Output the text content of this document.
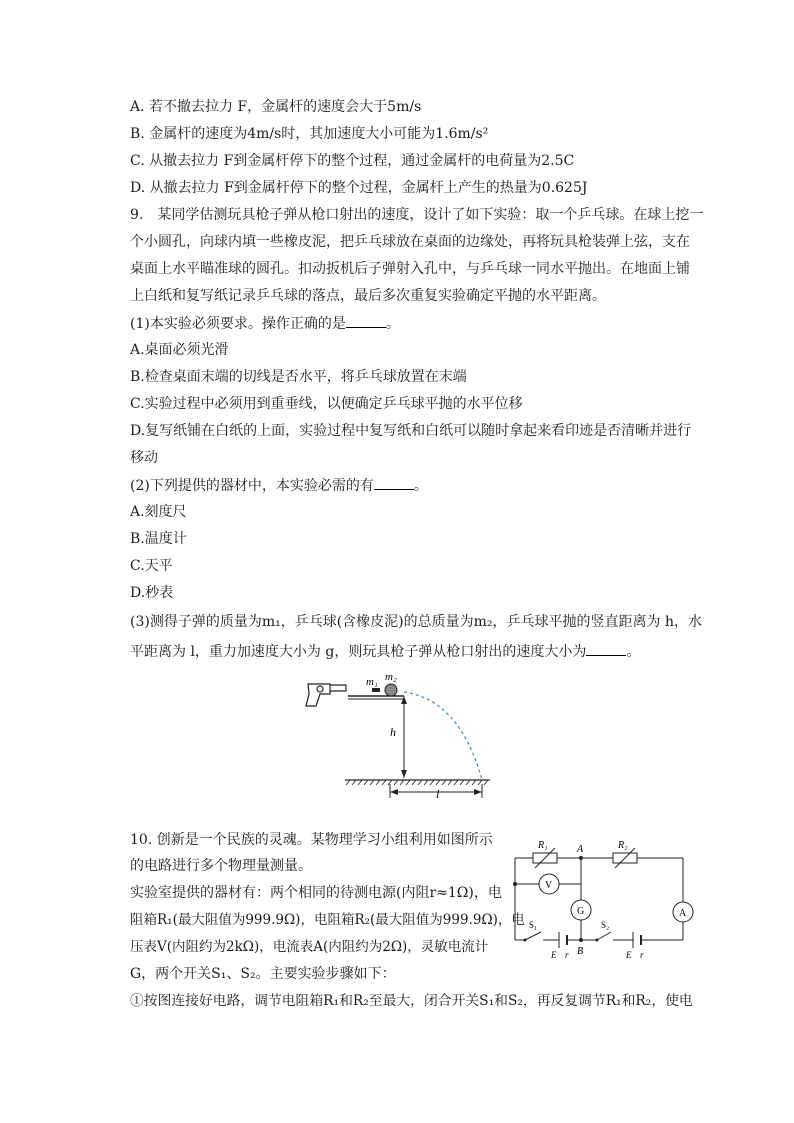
A. 若不撤去拉力 F，金属杆的速度会大于5m/s
B. 金属杆的速度为4m/s时，其加速度大小可能为1.6m/s²
C. 从撤去拉力 F到金属杆停下的整个过程，通过金属杆的电荷量为2.5C
D. 从撤去拉力 F到金属杆停下的整个过程，金属杆上产生的热量为0.625J
9.　某同学估测玩具枪子弹从枪口射出的速度，设计了如下实验：取一个乒乓球。在球上挖一
个小圆孔，向球内填一些橡皮泥，把乒乓球放在桌面的边缘处，再将玩具枪装弹上弦，支在
桌面上水平瞄准球的圆孔。扣动扳机后子弹射入孔中，与乒乓球一同水平抛出。在地面上铺
上白纸和复写纸记录乒乓球的落点，最后多次重复实验确定平抛的水平距离。
(1)本实验必须要求。操作正确的是	。
A.桌面必须光滑
B.检查桌面末端的切线是否水平，将乒乓球放置在末端
C.实验过程中必须用到重垂线，以便确定乒乓球平抛的水平位移
D.复写纸铺在白纸的上面，实验过程中复写纸和白纸可以随时拿起来看印迹是否清晰并进行
移动
(2)下列提供的器材中，本实验必需的有	。
A.刻度尺
B.温度计
C.天平
D.秒表
(3)测得子弹的质量为m₁，乒乓球(含橡皮泥)的总质量为m₂，乒乓球平抛的竖直距离为 h，水
平距离为 l，重力加速度大小为 g，则玩具枪子弹从枪口射出的速度大小为	。
h
l
m₁ m₂
10. 创新是一个民族的灵魂。某物理学习小组利用如图所示
的电路进行多个物理量测量。
实验室提供的器材有：两个相同的待测电源(内阻r≈1Ω)，电
阻箱R₁(最大阻值为999.9Ω)，电阻箱R₂(最大阻值为999.9Ω)，电
压表V(内阻约为2kΩ)，电流表A(内阻约为2Ω)，灵敏电流计
G，两个开关S₁、S₂。主要实验步骤如下：
①按图连接好电路，调节电阻箱R₁和R₂至最大，闭合开关S₁和S₂，再反复调节R₁和R₂，使电
R₁	R₂
A
B
V
G	A
S₁	S₂
E r	E r
